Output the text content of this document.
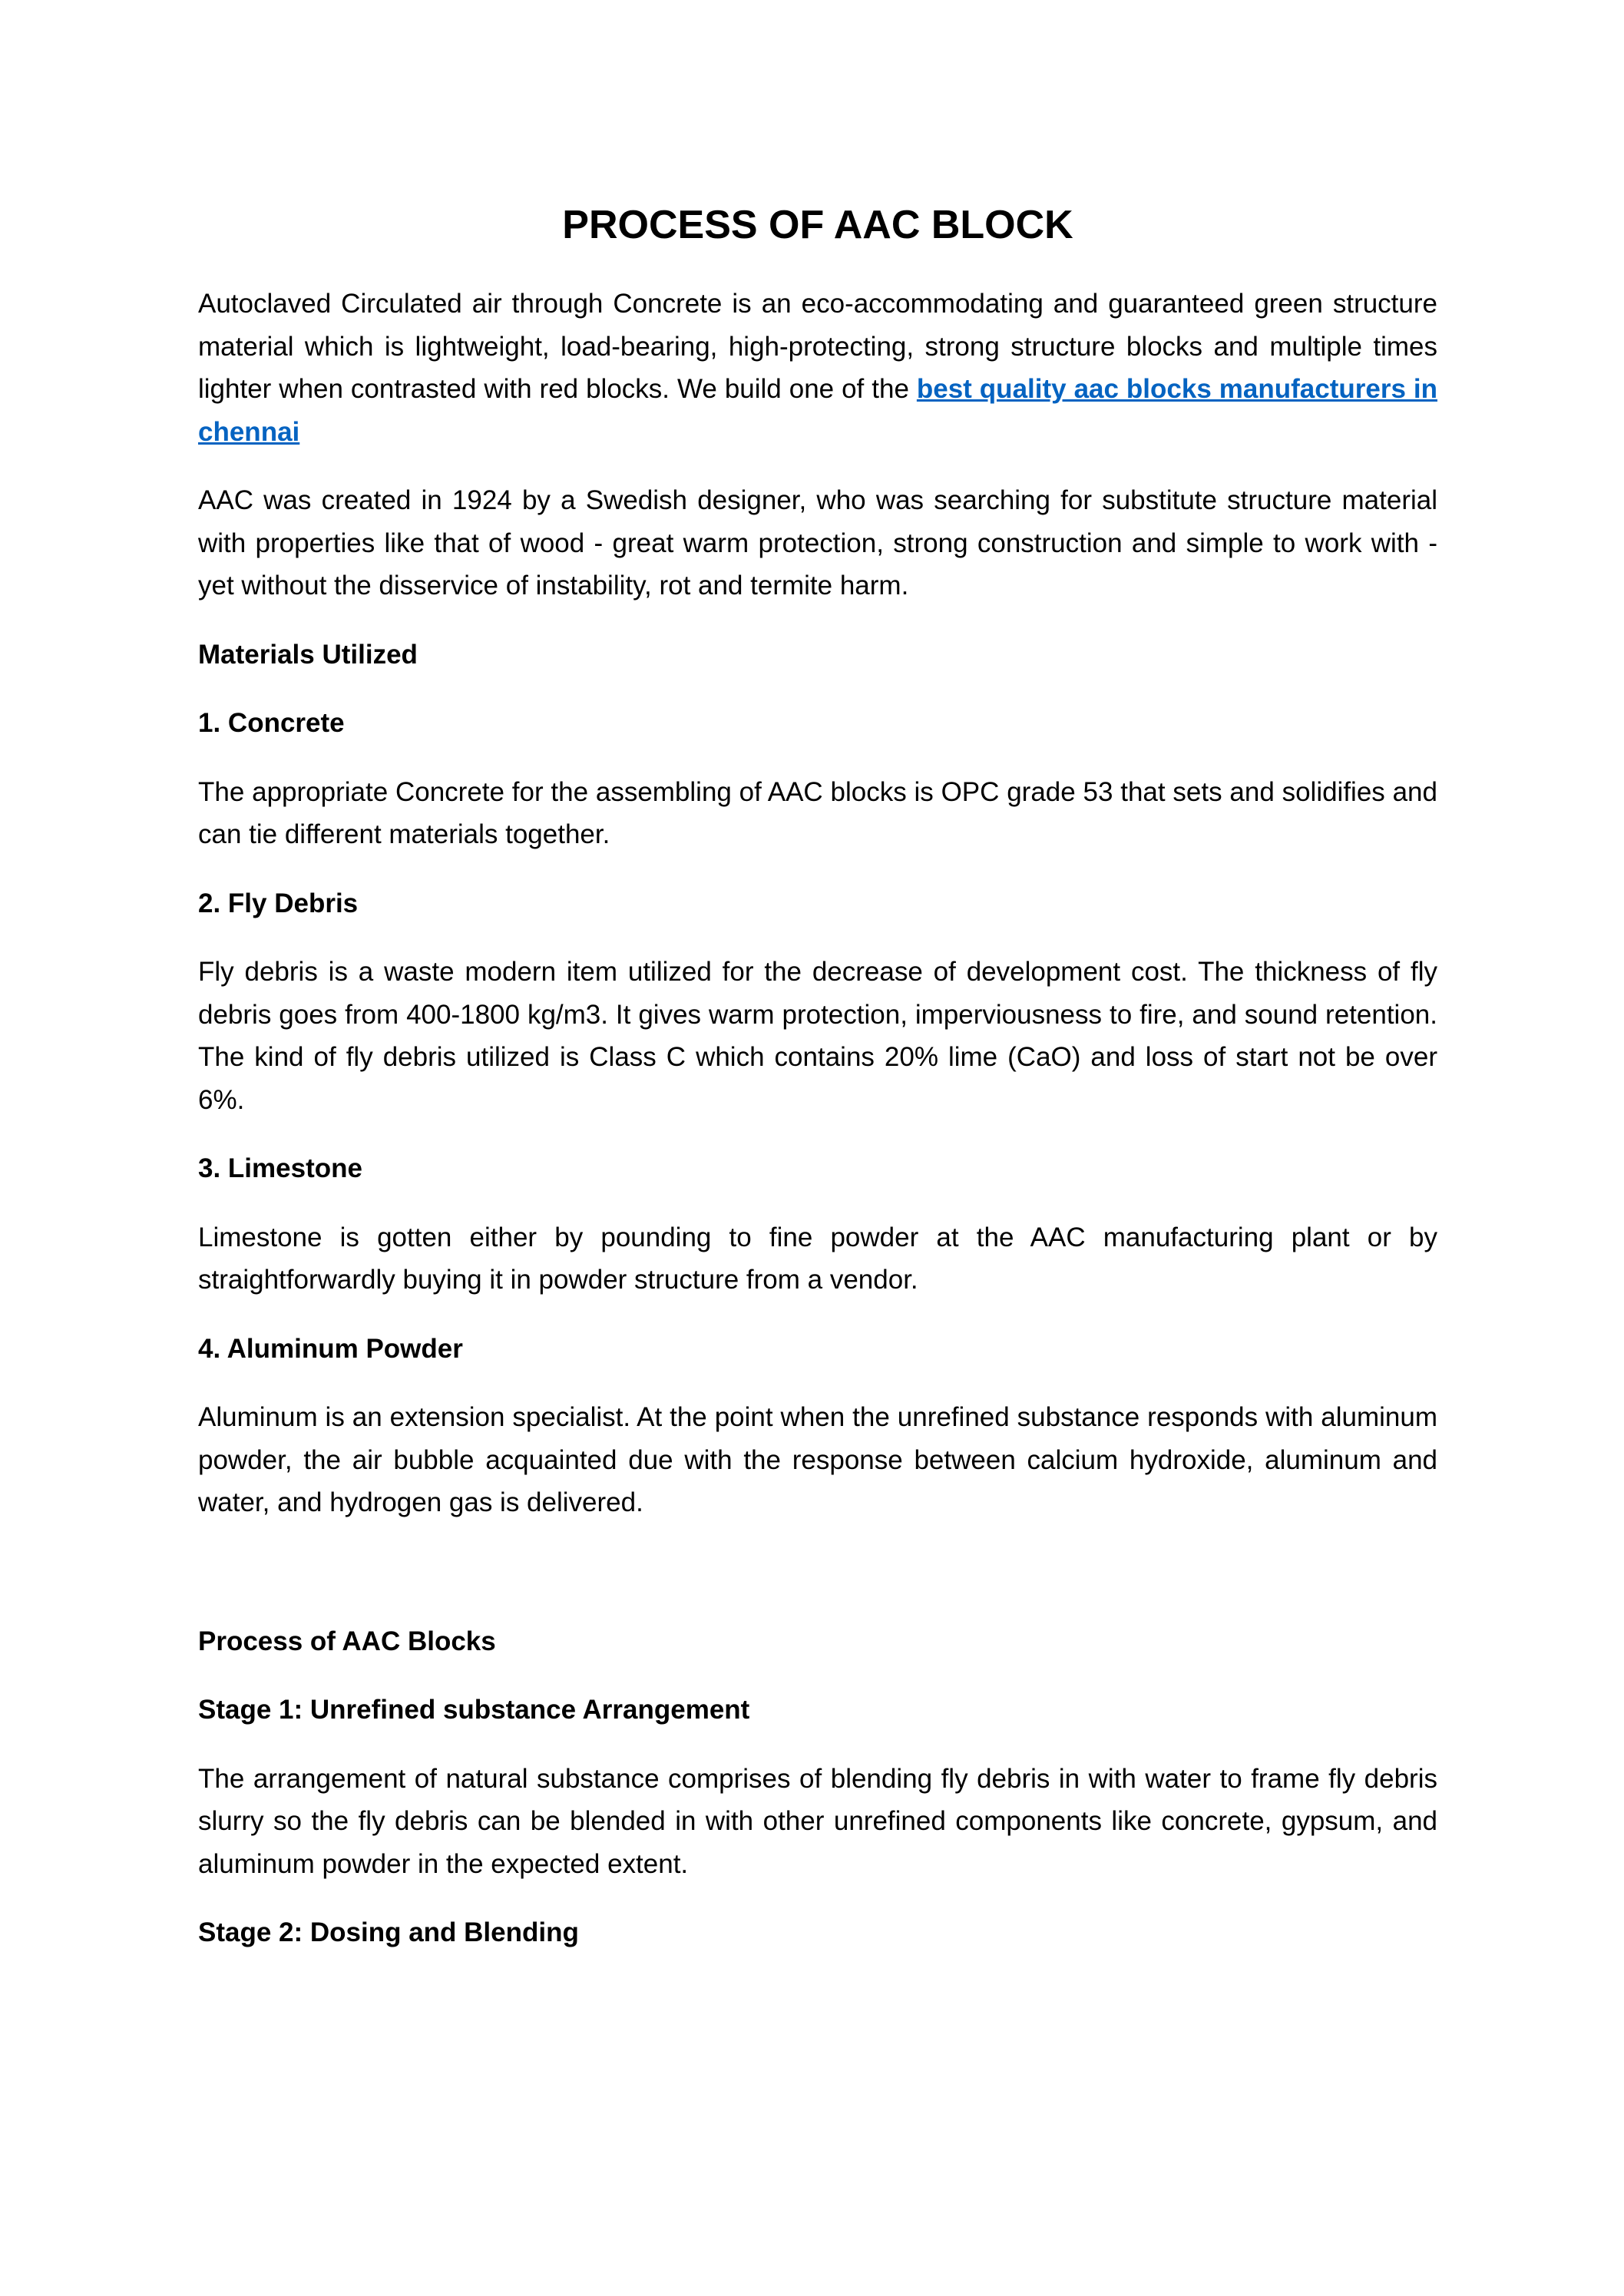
PROCESS OF AAC BLOCK

Autoclaved Circulated air through Concrete is an eco-accommodating and guaranteed green structure material which is lightweight, load-bearing, high-protecting, strong structure blocks and multiple times lighter when contrasted with red blocks. We build one of the best quality aac blocks manufacturers in chennai

AAC was created in 1924 by a Swedish designer, who was searching for substitute structure material with properties like that of wood - great warm protection, strong construction and simple to work with - yet without the disservice of instability, rot and termite harm.

Materials Utilized
1. Concrete

The appropriate Concrete for the assembling of AAC blocks is OPC grade 53 that sets and solidifies and can tie different materials together.

2. Fly Debris

Fly debris is a waste modern item utilized for the decrease of development cost. The thickness of fly debris goes from 400-1800 kg/m3. It gives warm protection, imperviousness to fire, and sound retention. The kind of fly debris utilized is Class C which contains 20% lime (CaO) and loss of start not be over 6%.

3. Limestone

Limestone is gotten either by pounding to fine powder at the AAC manufacturing plant or by straightforwardly buying it in powder structure from a vendor.

4. Aluminum Powder

Aluminum is an extension specialist. At the point when the unrefined substance responds with aluminum powder, the air bubble acquainted due with the response between calcium hydroxide, aluminum and water, and hydrogen gas is delivered.

Process of AAC Blocks
Stage 1: Unrefined substance Arrangement

The arrangement of natural substance comprises of blending fly debris in with water to frame fly debris slurry so the fly debris can be blended in with other unrefined components like concrete, gypsum, and aluminum powder in the expected extent.

Stage 2: Dosing and Blending
